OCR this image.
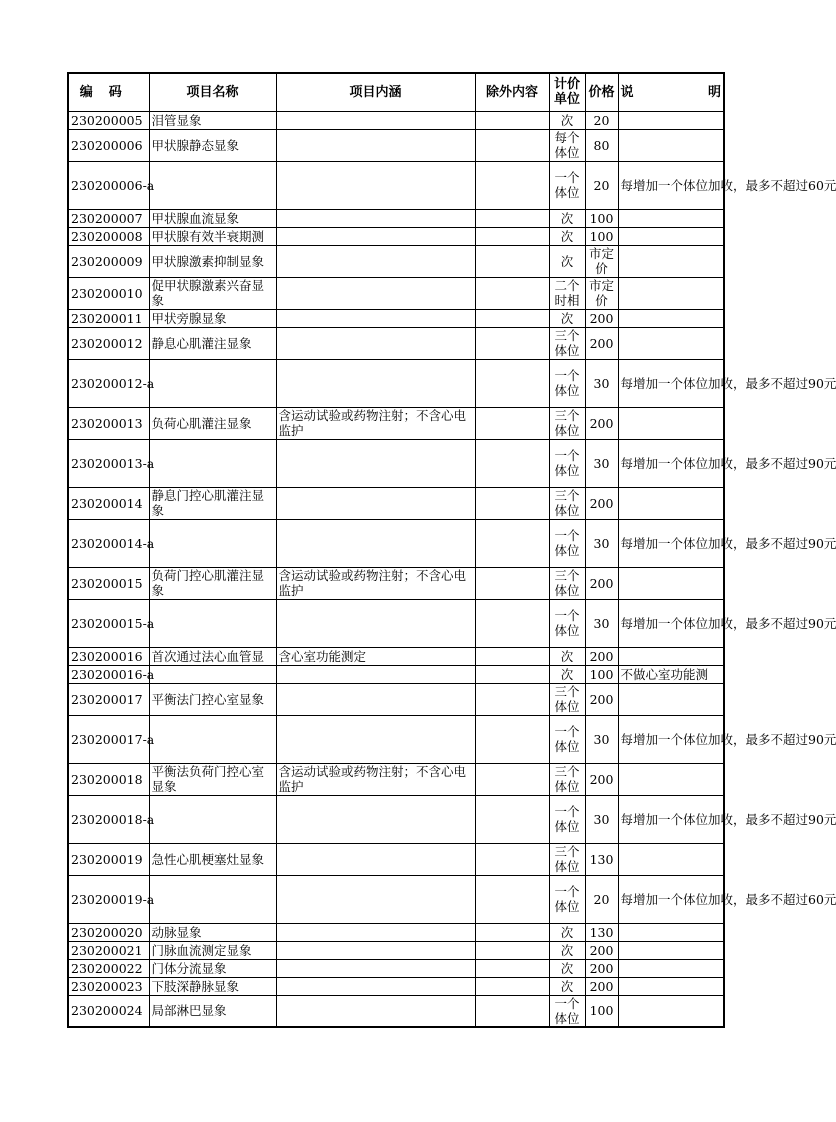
编码	项目名称	项目内涵	除外内容	计价单位	价格	说 明

230200005	泪管显象			次	20	
230200006	甲状腺静态显象			每个体位	80	
230200006-a				一个体位	20	每增加一个体位加收，最多不超过60元
230200007	甲状腺血流显象			次	100	
230200008	甲状腺有效半衰期测			次	100	
230200009	甲状腺激素抑制显象			次	市定价	
230200010	促甲状腺激素兴奋显象			二个时相	市定价	
230200011	甲状旁腺显象			次	200	
230200012	静息心肌灌注显象			三个体位	200	
230200012-a				一个体位	30	每增加一个体位加收，最多不超过90元
230200013	负荷心肌灌注显象	含运动试验或药物注射；不含心电监护		三个体位	200	
230200013-a				一个体位	30	每增加一个体位加收，最多不超过90元
230200014	静息门控心肌灌注显象			三个体位	200	
230200014-a				一个体位	30	每增加一个体位加收，最多不超过90元
230200015	负荷门控心肌灌注显象	含运动试验或药物注射；不含心电监护		三个体位	200	
230200015-a				一个体位	30	每增加一个体位加收，最多不超过90元
230200016	首次通过法心血管显	含心室功能测定		次	200	
230200016-a				次	100	不做心室功能测
230200017	平衡法门控心室显象			三个体位	200	
230200017-a				一个体位	30	每增加一个体位加收，最多不超过90元
230200018	平衡法负荷门控心室显象	含运动试验或药物注射；不含心电监护		三个体位	200	
230200018-a				一个体位	30	每增加一个体位加收，最多不超过90元
230200019	急性心肌梗塞灶显象			三个体位	130	
230200019-a				一个体位	20	每增加一个体位加收，最多不超过60元
230200020	动脉显象			次	130	
230200021	门脉血流测定显象			次	200	
230200022	门体分流显象			次	200	
230200023	下肢深静脉显象			次	200	
230200024	局部淋巴显象			一个体位	100	
